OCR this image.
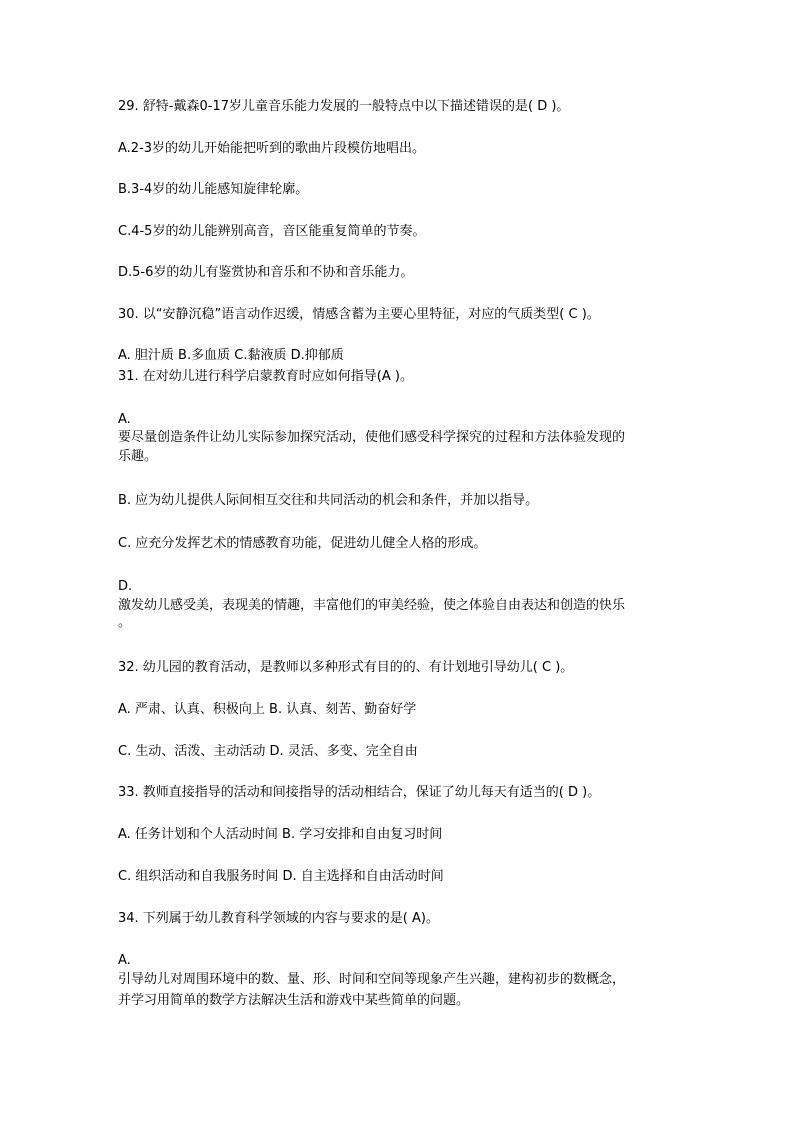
29. 舒特-戴森0-17岁儿童音乐能力发展的一般特点中以下描述错误的是( D )。
A.2-3岁的幼儿开始能把听到的歌曲片段模仿地唱出。
B.3-4岁的幼儿能感知旋律轮廓。
C.4-5岁的幼儿能辨别高音，音区能重复简单的节奏。
D.5-6岁的幼儿有鉴赏协和音乐和不协和音乐能力。
30. 以“安静沉稳”语言动作迟缓，情感含蓄为主要心里特征，对应的气质类型( C )。
A. 胆汁质 B.多血质 C.黏液质 D.抑郁质
31. 在对幼儿进行科学启蒙教育时应如何指导(A )。
A.
要尽量创造条件让幼儿实际参加探究活动，使他们感受科学探究的过程和方法体验发现的
乐趣。
B. 应为幼儿提供人际间相互交往和共同活动的机会和条件，并加以指导。
C. 应充分发挥艺术的情感教育功能，促进幼儿健全人格的形成。
D.
激发幼儿感受美，表现美的情趣，丰富他们的审美经验，使之体验自由表达和创造的快乐
。
32. 幼儿园的教育活动，是教师以多种形式有目的的、有计划地引导幼儿( C )。
A. 严肃、认真、积极向上 B. 认真、刻苦、勤奋好学
C. 生动、活泼、主动活动 D. 灵活、多变、完全自由
33. 教师直接指导的活动和间接指导的活动相结合，保证了幼儿每天有适当的( D )。
A. 任务计划和个人活动时间 B. 学习安排和自由复习时间
C. 组织活动和自我服务时间 D. 自主选择和自由活动时间
34. 下列属于幼儿教育科学领域的内容与要求的是( A)。
A.
引导幼儿对周围环境中的数、量、形、时间和空间等现象产生兴趣，建构初步的数概念，
并学习用简单的数学方法解决生活和游戏中某些简单的问题。
